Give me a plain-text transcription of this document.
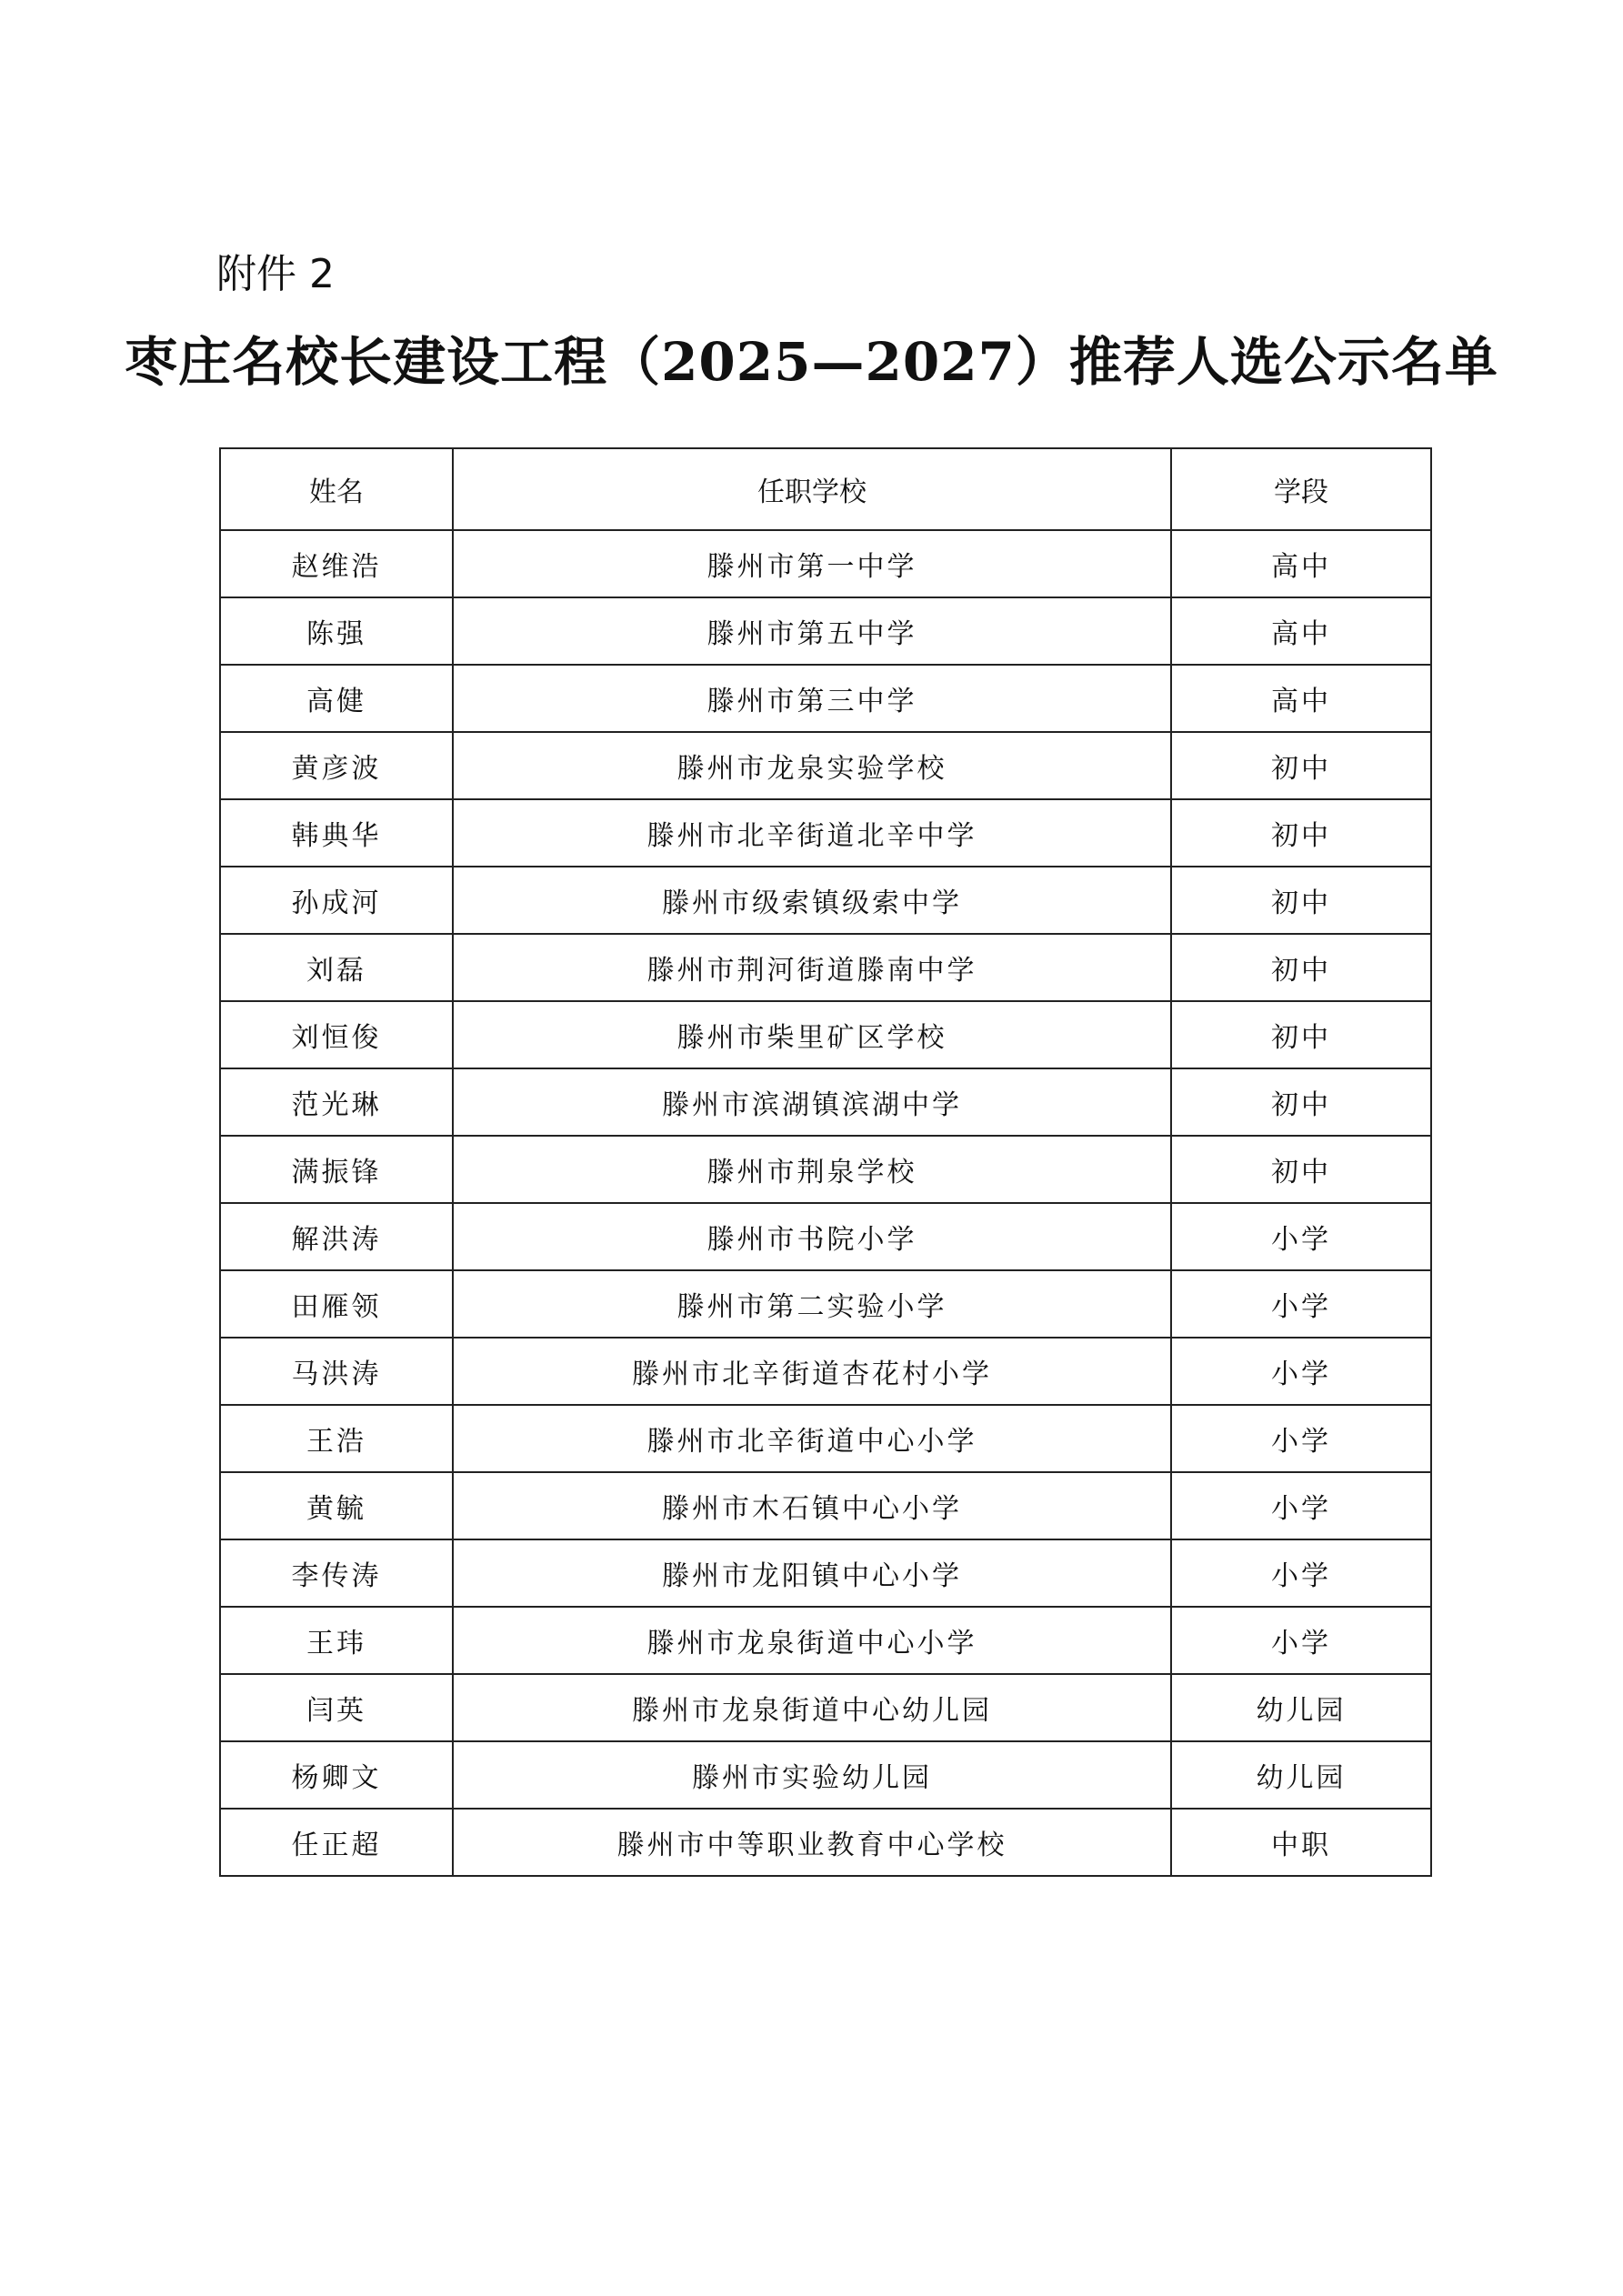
附件 2
枣庄名校长建设工程（2025—2027）推荐人选公示名单
姓名	任职学校	学段
赵维浩	滕州市第一中学	高中
陈强	滕州市第五中学	高中
高健	滕州市第三中学	高中
黄彦波	滕州市龙泉实验学校	初中
韩典华	滕州市北辛街道北辛中学	初中
孙成河	滕州市级索镇级索中学	初中
刘磊	滕州市荆河街道滕南中学	初中
刘恒俊	滕州市柴里矿区学校	初中
范光琳	滕州市滨湖镇滨湖中学	初中
满振锋	滕州市荆泉学校	初中
解洪涛	滕州市书院小学	小学
田雁领	滕州市第二实验小学	小学
马洪涛	滕州市北辛街道杏花村小学	小学
王浩	滕州市北辛街道中心小学	小学
黄毓	滕州市木石镇中心小学	小学
李传涛	滕州市龙阳镇中心小学	小学
王玮	滕州市龙泉街道中心小学	小学
闫英	滕州市龙泉街道中心幼儿园	幼儿园
杨卿文	滕州市实验幼儿园	幼儿园
任正超	滕州市中等职业教育中心学校	中职
